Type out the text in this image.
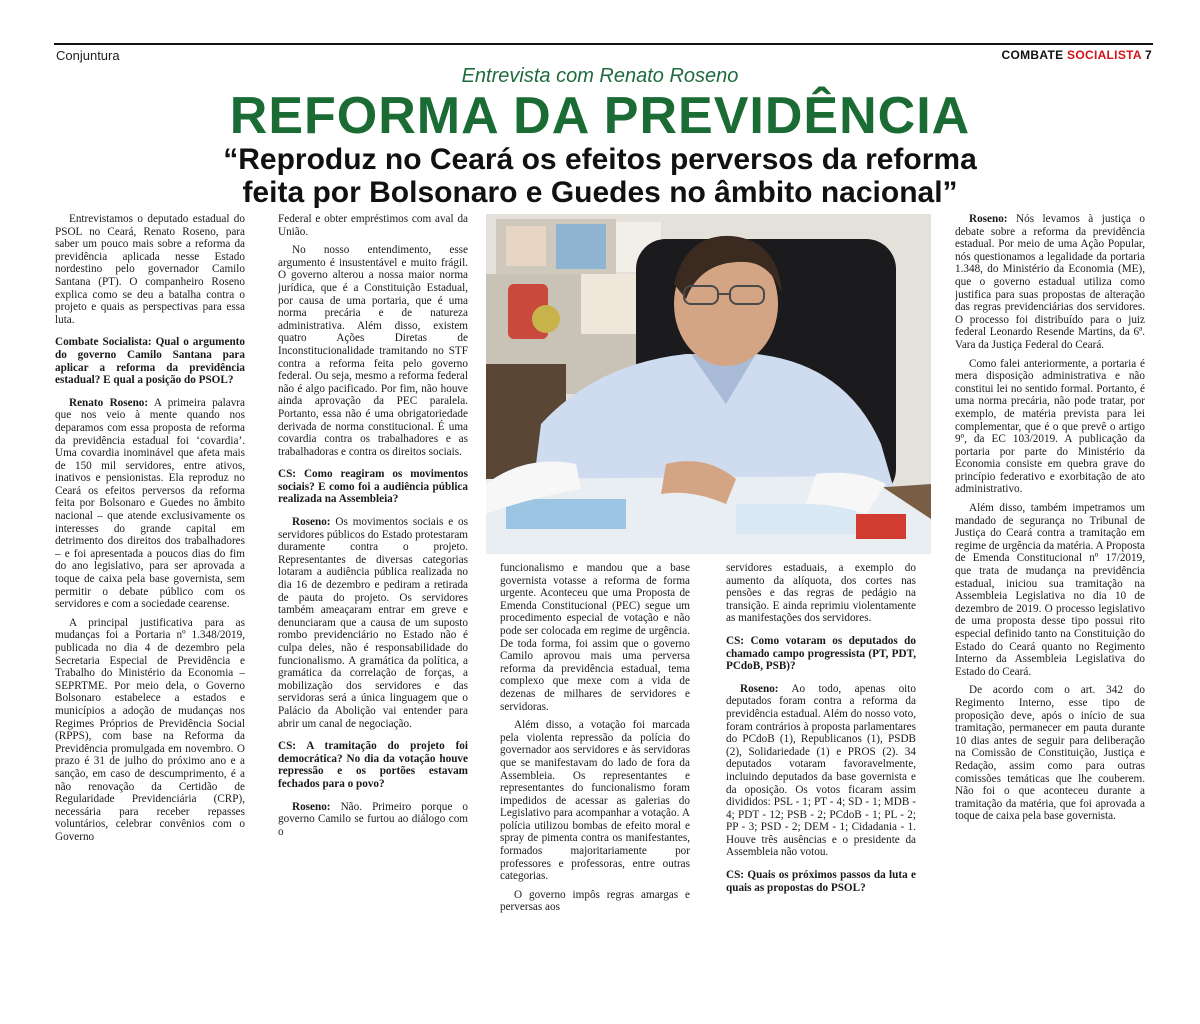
Conjuntura	COMBATE SOCIALISTA 7
Entrevista com Renato Roseno
REFORMA DA PREVIDÊNCIA
“Reproduz no Ceará os efeitos perversos da reforma
feita por Bolsonaro e Guedes no âmbito nacional”

Entrevistamos o deputado estadual do PSOL no Ceará, Renato Roseno, para saber um pouco mais sobre a reforma da previdência aplicada nesse Estado nordestino pelo governador Camilo Santana (PT). O companheiro Roseno explica como se deu a batalha contra o projeto e quais as perspectivas para essa luta.

Combate Socialista: Qual o argumento do governo Camilo Santana para aplicar a reforma da previdência estadual? E qual a posição do PSOL?

Renato Roseno: A primeira palavra que nos veio à mente quando nos deparamos com essa proposta de reforma da previdência estadual foi ‘covardia’. Uma covardia inominável que afeta mais de 150 mil servidores, entre ativos, inativos e pensionistas. Ela reproduz no Ceará os efeitos perversos da reforma feita por Bolsonaro e Guedes no âmbito nacional – que atende exclusivamente os interesses do grande capital em detrimento dos direitos dos trabalhadores – e foi apresentada a poucos dias do fim do ano legislativo, para ser aprovada a toque de caixa pela base governista, sem permitir o debate público com os servidores e com a sociedade cearense.

A principal justificativa para as mudanças foi a Portaria nº 1.348/2019, publicada no dia 4 de dezembro pela Secretaria Especial de Previdência e Trabalho do Ministério da Economia – SEPRTME. Por meio dela, o Governo Bolsonaro estabelece a estados e municípios a adoção de mudanças nos Regimes Próprios de Previdência Social (RPPS), com base na Reforma da Previdência promulgada em novembro. O prazo é 31 de julho do próximo ano e a sanção, em caso de descumprimento, é a não renovação da Certidão de Regularidade Previdenciária (CRP), necessária para receber repasses voluntários, celebrar convênios com o Governo

Federal e obter empréstimos com aval da União.

No nosso entendimento, esse argumento é insustentável e muito frágil. O governo alterou a nossa maior norma jurídica, que é a Constituição Estadual, por causa de uma portaria, que é uma norma precária e de natureza administrativa. Além disso, existem quatro Ações Diretas de Inconstitucionalidade tramitando no STF contra a reforma feita pelo governo federal. Ou seja, mesmo a reforma federal não é algo pacificado. Por fim, não houve ainda aprovação da PEC paralela. Portanto, essa não é uma obrigatoriedade derivada de norma constitucional. É uma covardia contra os trabalhadores e as trabalhadoras e contra os direitos sociais.

CS: Como reagiram os movimentos sociais? E como foi a audiência pública realizada na Assembleia?

Roseno: Os movimentos sociais e os servidores públicos do Estado protestaram duramente contra o projeto. Representantes de diversas categorias lotaram a audiência pública realizada no dia 16 de dezembro e pediram a retirada de pauta do projeto. Os servidores também ameaçaram entrar em greve e denunciaram que a causa de um suposto rombo previdenciário no Estado não é culpa deles, não é responsabilidade do funcionalismo. A gramática da política, a gramática da correlação de forças, a mobilização dos servidores e das servidoras será a única linguagem que o Palácio da Abolição vai entender para abrir um canal de negociação.

CS: A tramitação do projeto foi democrática? No dia da votação houve repressão e os portões estavam fechados para o povo?

Roseno: Não. Primeiro porque o governo Camilo se furtou ao diálogo com o

funcionalismo e mandou que a base governista votasse a reforma de forma urgente. Aconteceu que uma Proposta de Emenda Constitucional (PEC) segue um procedimento especial de votação e não pode ser colocada em regime de urgência. De toda forma, foi assim que o governo Camilo aprovou mais uma perversa reforma da previdência estadual, tema complexo que mexe com a vida de dezenas de milhares de servidores e servidoras.

Além disso, a votação foi marcada pela violenta repressão da polícia do governador aos servidores e às servidoras que se manifestavam do lado de fora da Assembleia. Os representantes e representantes do funcionalismo foram impedidos de acessar as galerias do Legislativo para acompanhar a votação. A polícia utilizou bombas de efeito moral e spray de pimenta contra os manifestantes, formados majoritariamente por professores e professoras, entre outras categorias.

O governo impôs regras amargas e perversas aos

servidores estaduais, a exemplo do aumento da alíquota, dos cortes nas pensões e das regras de pedágio na transição. E ainda reprimiu violentamente as manifestações dos servidores.

CS: Como votaram os deputados do chamado campo progressista (PT, PDT, PCdoB, PSB)?

Roseno: Ao todo, apenas oito deputados foram contra a reforma da previdência estadual. Além do nosso voto, foram contrários à proposta parlamentares do PCdoB (1), Republicanos (1), PSDB (2), Solidariedade (1) e PROS (2). 34 deputados votaram favoravelmente, incluindo deputados da base governista e da oposição. Os votos ficaram assim divididos: PSL - 1; PT - 4; SD - 1; MDB - 4; PDT - 12; PSB - 2; PCdoB - 1; PL - 2; PP - 3; PSD - 2; DEM - 1; Cidadania - 1. Houve três ausências e o presidente da Assembleia não votou.

CS: Quais os próximos passos da luta e quais as propostas do PSOL?

Roseno: Nós levamos à justiça o debate sobre a reforma da previdência estadual. Por meio de uma Ação Popular, nós questionamos a legalidade da portaria 1.348, do Ministério da Economia (ME), que o governo estadual utiliza como justifica para suas propostas de alteração das regras previdenciárias dos servidores. O processo foi distribuído para o juiz federal Leonardo Resende Martins, da 6ª. Vara da Justiça Federal do Ceará.

Como falei anteriormente, a portaria é mera disposição administrativa e não constitui lei no sentido formal. Portanto, é uma norma precária, não pode tratar, por exemplo, de matéria prevista para lei complementar, que é o que prevê o artigo 9º, da EC 103/2019. A publicação da portaria por parte do Ministério da Economia consiste em quebra grave do princípio federativo e exorbitação de ato administrativo.

Além disso, também impetramos um mandado de segurança no Tribunal de Justiça do Ceará contra a tramitação em regime de urgência da matéria. A Proposta de Emenda Constitucional nº 17/2019, que trata de mudança na previdência estadual, iniciou sua tramitação na Assembleia Legislativa no dia 10 de dezembro de 2019. O processo legislativo de uma proposta desse tipo possui rito especial definido tanto na Constituição do Estado do Ceará quanto no Regimento Interno da Assembleia Legislativa do Estado do Ceará.

De acordo com o art. 342 do Regimento Interno, esse tipo de proposição deve, após o início de sua tramitação, permanecer em pauta durante 10 dias antes de seguir para deliberação na Comissão de Constituição, Justiça e Redação, assim como para outras comissões temáticas que lhe couberem. Não foi o que aconteceu durante a tramitação da matéria, que foi aprovada a toque de caixa pela base governista.
